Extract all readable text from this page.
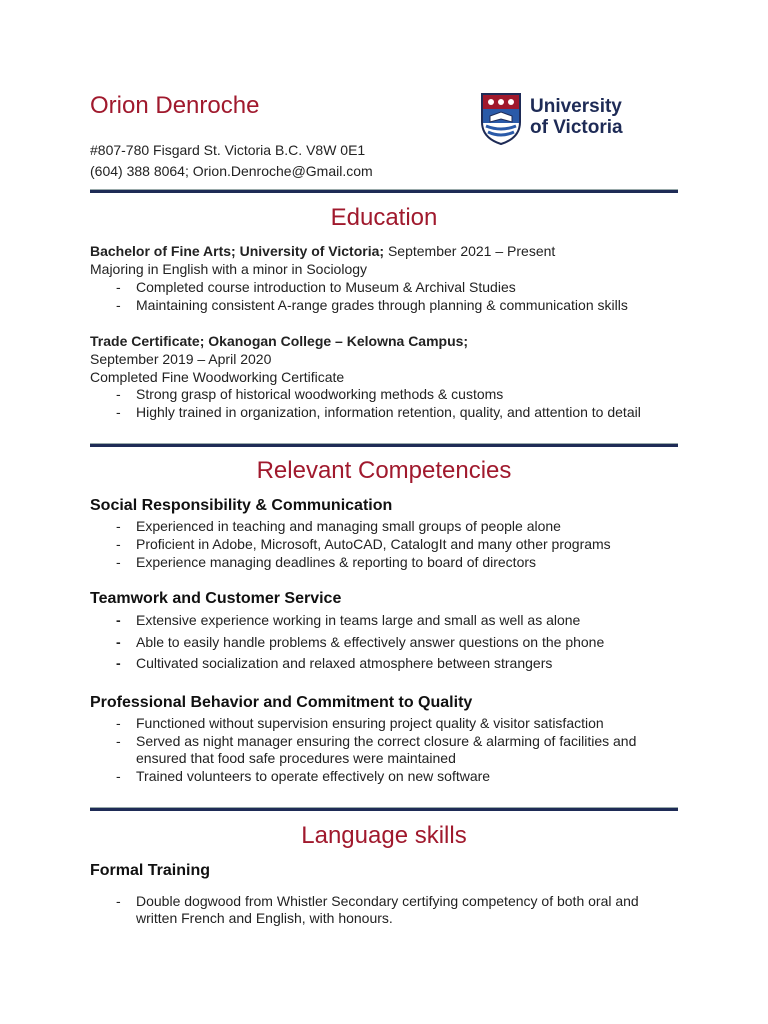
Orion Denroche
#807-780 Fisgard St. Victoria B.C. V8W 0E1
(604) 388 8064; Orion.Denroche@Gmail.com
University
of Victoria
Education
Bachelor of Fine Arts; University of Victoria; September 2021 – Present
Majoring in English with a minor in Sociology
- Completed course introduction to Museum & Archival Studies
- Maintaining consistent A-range grades through planning & communication skills
Trade Certificate; Okanogan College – Kelowna Campus;
September 2019 – April 2020
Completed Fine Woodworking Certificate
- Strong grasp of historical woodworking methods & customs
- Highly trained in organization, information retention, quality, and attention to detail
Relevant Competencies
Social Responsibility & Communication
- Experienced in teaching and managing small groups of people alone
- Proficient in Adobe, Microsoft, AutoCAD, CatalogIt and many other programs
- Experience managing deadlines & reporting to board of directors
Teamwork and Customer Service
- Extensive experience working in teams large and small as well as alone
- Able to easily handle problems & effectively answer questions on the phone
- Cultivated socialization and relaxed atmosphere between strangers
Professional Behavior and Commitment to Quality
- Functioned without supervision ensuring project quality & visitor satisfaction
- Served as night manager ensuring the correct closure & alarming of facilities and ensured that food safe procedures were maintained
- Trained volunteers to operate effectively on new software
Language skills
Formal Training
- Double dogwood from Whistler Secondary certifying competency of both oral and written French and English, with honours.
